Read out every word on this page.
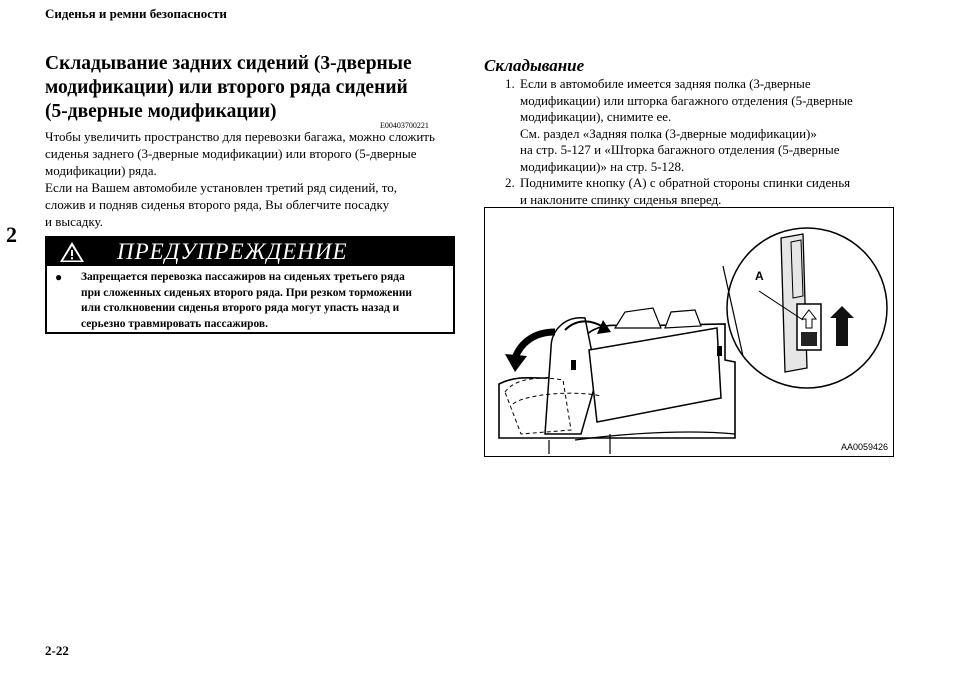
Сиденья и ремни безопасности
2
2-22
Складывание задних сидений (3-дверные
модификации) или второго ряда сидений
(5-дверные модификации)
E00403700221

Чтобы увеличить пространство для перевозки багажа, можно сложить

сиденья заднего (3-дверные модификации) или второго (5-дверные

модификации) ряда.

Если на Вашем автомобиле установлен третий ряд сидений, то,

сложив и подняв сиденья второго ряда, Вы облегчите посадку

и высадку.

ПРЕДУПРЕЖДЕНИЕ
● Запрещается перевозка пассажиров на сиденьях третьего ряда
при сложенных сиденьях второго ряда. При резком торможении
или столкновении сиденья второго ряда могут упасть назад и
серьезно травмировать пассажиров.
Складывание
1. Если в автомобиле имеется задняя полка (3-дверные
модификации) или шторка багажного отделения (5-дверные
модификации), снимите ее.
См. раздел «Задняя полка (3-дверные модификации)»
на стр. 5-127 и «Шторка багажного отделения (5-дверные
модификации)» на стр. 5-128.
2. Поднимите кнопку (A) с обратной стороны спинки сиденья
и наклоните спинку сиденья вперед.
A
AA0059426
